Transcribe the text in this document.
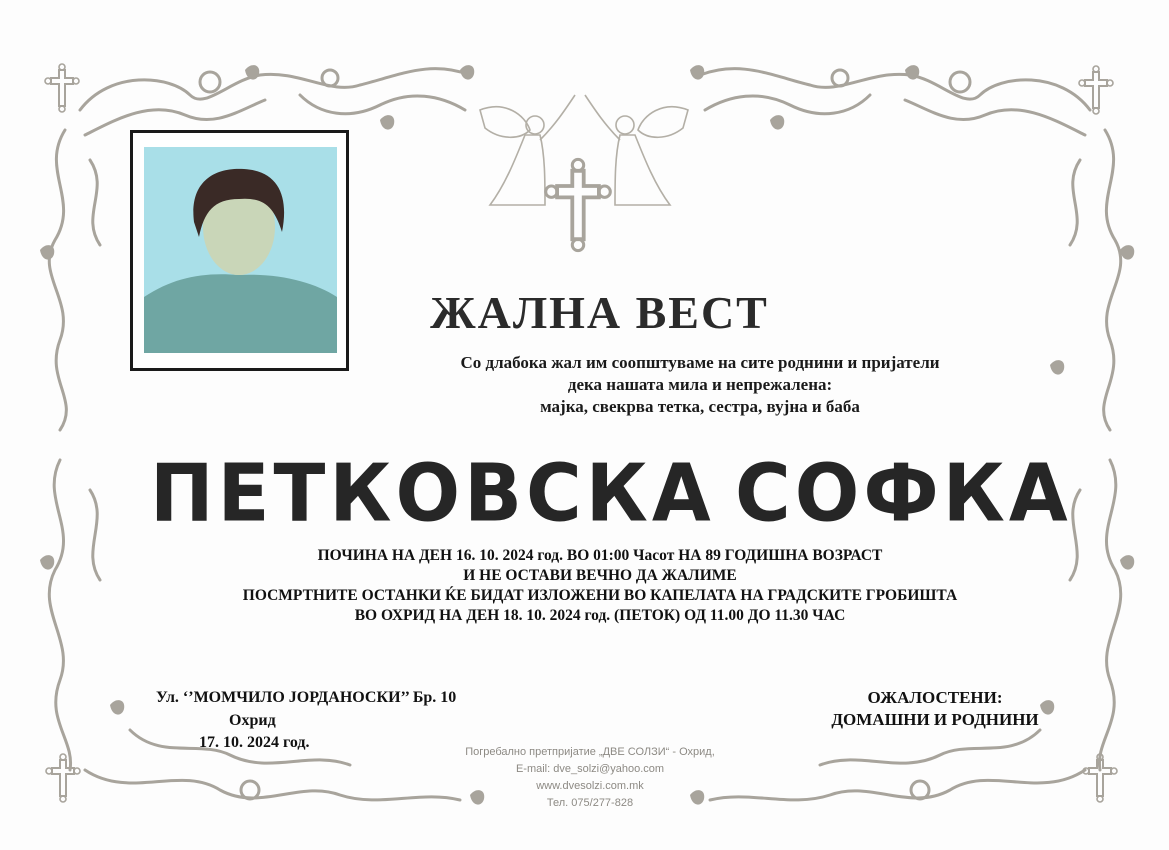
ЖАЛНА ВЕСТ
Со длабока жал им соопштуваме на сите роднини и пријатели
дека нашата мила и непрежалена:
мајка, свекрва тетка, сестра, вујна и баба
ПЕТКОВСКА СОФКА
ПОЧИНА НА ДЕН 16. 10. 2024 год. ВО 01:00 Часот НА 89 ГОДИШНА ВОЗРАСТ
И НЕ ОСТАВИ ВЕЧНО ДА ЖАЛИМЕ
ПОСМРТНИТЕ ОСТАНКИ ЌЕ БИДАТ ИЗЛОЖЕНИ ВО КАПЕЛАТА НА ГРАДСКИТЕ ГРОБИШТА
ВО ОХРИД НА ДЕН 18. 10. 2024 год. (ПЕТОК) ОД 11.00 ДО 11.30 ЧАС
Ул. ‘’МОМЧИЛО ЈОРДАНОСКИ’’ Бр. 10
Охрид
17. 10. 2024 год.
ОЖАЛОСТЕНИ:
ДОМАШНИ И РОДНИНИ
Погребално претпријатие „ДВЕ СОЛЗИ“ - Охрид,
E-mail: dve_solzi@yahoo.com
www.dvesolzi.com.mk
Тел. 075/277-828
